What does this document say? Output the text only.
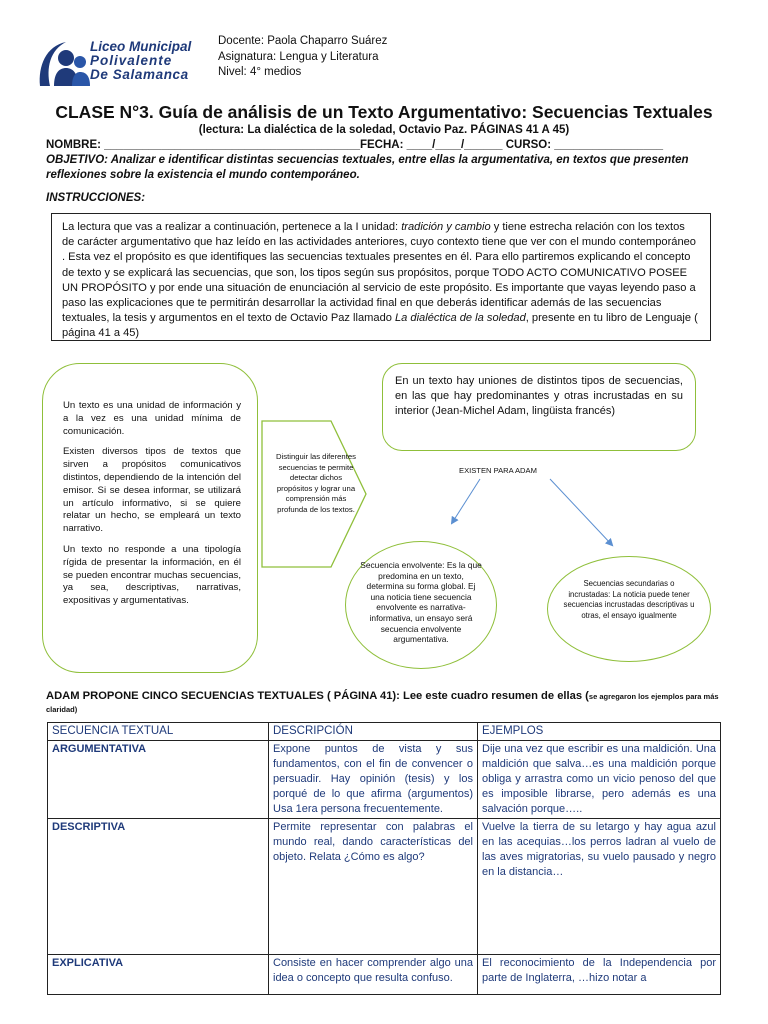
Liceo Municipal
Polivalente
De Salamanca
Docente: Paola Chaparro Suárez
Asignatura: Lengua y Literatura
Nivel: 4° medios
CLASE N°3. Guía de análisis de un Texto Argumentativo: Secuencias Textuales
(lectura: La dialéctica de la soledad, Octavio Paz. PÁGINAS 41 A 45)
NOMBRE: ________________________________________FECHA: ____/____/______ CURSO: _________________
OBJETIVO: Analizar e identificar distintas secuencias textuales, entre ellas la argumentativa, en textos que presenten reflexiones sobre la existencia el mundo contemporáneo.
INSTRUCCIONES:
La lectura que vas a realizar a continuación, pertenece a la I unidad: tradición y cambio y tiene estrecha relación con los textos de carácter argumentativo que haz leído en las actividades anteriores, cuyo contexto tiene que ver con el mundo contemporáneo . Esta vez el propósito es que identifiques las secuencias textuales presentes en él. Para ello partiremos explicando el concepto de texto y se explicará las secuencias, que son, los tipos según sus propósitos, porque TODO ACTO COMUNICATIVO POSEE UN PROPÓSITO y por ende una situación de enunciación al servicio de este propósito. Es importante que vayas leyendo paso a paso las explicaciones que te permitirán desarrollar la actividad final en que deberás identificar además de las secuencias textuales, la tesis y argumentos en el texto de Octavio Paz llamado La dialéctica de la soledad, presente en tu libro de Lenguaje ( página 41 a 45)

Un texto es una unidad de información y a la vez es una unidad mínima de comunicación.

Existen diversos tipos de textos que sirven a propósitos comunicativos distintos, dependiendo de la intención del emisor. Si se desea informar, se utilizará un artículo informativo, si se quiere relatar un hecho, se empleará un texto narrativo.

Un texto no responde a una tipología rígida de presentar la información, en él se pueden encontrar muchas secuencias, ya sea, descriptivas, narrativas, expositivas y argumentativas.

Distinguir las diferentes secuencias te permite detectar dichos propósitos y lograr una comprensión más profunda de los textos.
En un texto hay uniones de distintos tipos de secuencias, en las que hay predominantes y otras incrustadas en su interior (Jean-Michel Adam, lingüista francés)
EXISTEN PARA ADAM
Secuencia envolvente: Es la que predomina en un texto, determina su forma global. Ej una noticia tiene secuencia envolvente es narrativa-informativa, un ensayo será secuencia envolvente argumentativa.
Secuencias secundarias o incrustadas: La noticia puede tener secuencias incrustadas descriptivas u otras, el ensayo igualmente
ADAM PROPONE CINCO SECUENCIAS TEXTUALES ( PÁGINA 41): Lee este cuadro resumen de ellas (se agregaron los ejemplos para más claridad)
SECUENCIA TEXTUAL	DESCRIPCIÓN	EJEMPLOS
ARGUMENTATIVA	Expone puntos de vista y sus fundamentos, con el fin de convencer o persuadir. Hay opinión (tesis) y los porqué de lo que afirma (argumentos) Usa 1era persona frecuentemente.	Dije una vez que escribir es una maldición. Una maldición que salva…es una maldición porque obliga y arrastra como un vicio penoso del que es imposible librarse, pero además es una salvación porque…..
DESCRIPTIVA	Permite representar con palabras el mundo real, dando características del objeto. Relata ¿Cómo es algo?	Vuelve la tierra de su letargo y hay agua azul en las acequias…los perros ladran al vuelo de las aves migratorias, su vuelo pausado y negro en la distancia…
EXPLICATIVA	Consiste en hacer comprender algo una idea o concepto que resulta confuso.	El reconocimiento de la Independencia por parte de Inglaterra, …hizo notar a
